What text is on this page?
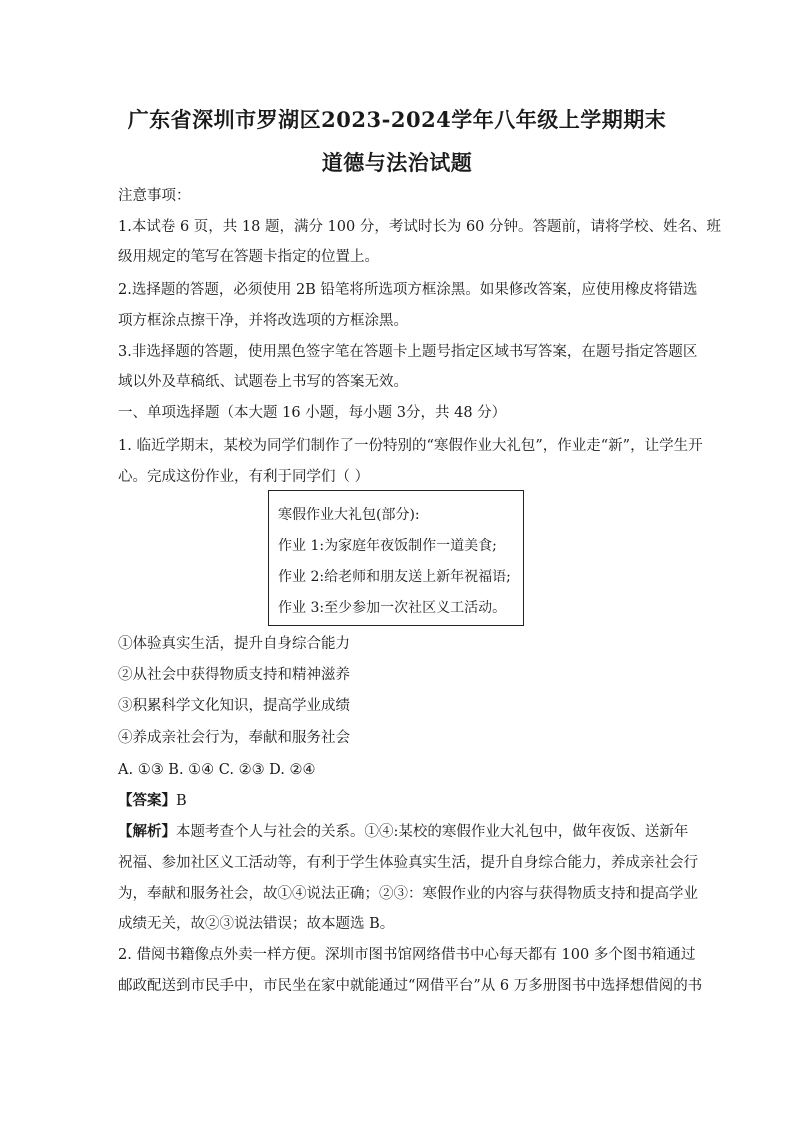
广东省深圳市罗湖区2023-2024学年八年级上学期期末
道德与法治试题
注意事项：
1.本试卷 6 页，共 18 题，满分 100 分，考试时长为 60 分钟。答题前，请将学校、姓名、班
级用规定的笔写在答题卡指定的位置上。
2.选择题的答题，必须使用 2B 铅笔将所选项方框涂黑。如果修改答案，应使用橡皮将错选
项方框涂点擦干净，并将改选项的方框涂黑。
3.非选择题的答题，使用黑色签字笔在答题卡上题号指定区域书写答案，在题号指定答题区
域以外及草稿纸、试题卷上书写的答案无效。
一、单项选择题（本大题 16 小题，每小题 3分，共 48 分）
1. 临近学期末，某校为同学们制作了一份特别的“寒假作业大礼包”，作业走“新”，让学生开
心。完成这份作业，有利于同学们（ ）
寒假作业大礼包(部分):
作业 1:为家庭年夜饭制作一道美食;
作业 2:给老师和朋友送上新年祝福语;
作业 3:至少参加一次社区义工活动。
①体验真实生活，提升自身综合能力
②从社会中获得物质支持和精神滋养
③积累科学文化知识，提高学业成绩
④养成亲社会行为，奉献和服务社会
A. ①③ B. ①④ C. ②③ D. ②④
【答案】B
【解析】本题考查个人与社会的关系。①④:某校的寒假作业大礼包中，做年夜饭、送新年
祝福、参加社区义工活动等，有利于学生体验真实生活，提升自身综合能力，养成亲社会行
为，奉献和服务社会，故①④说法正确；②③：寒假作业的内容与获得物质支持和提高学业
成绩无关，故②③说法错误；故本题选 B。
2. 借阅书籍像点外卖一样方便。深圳市图书馆网络借书中心每天都有 100 多个图书箱通过
邮政配送到市民手中，市民坐在家中就能通过“网借平台”从 6 万多册图书中选择想借阅的书
